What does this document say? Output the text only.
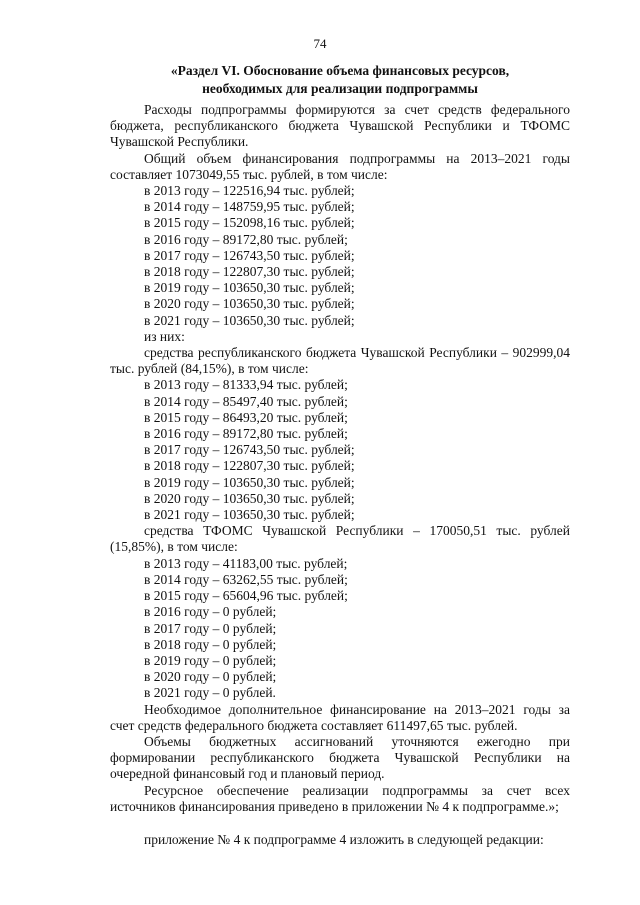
74
«Раздел VI. Обоснование объема финансовых ресурсов,
необходимых для реализации подпрограммы

Расходы подпрограммы формируются за счет средств федерального бюджета, республиканского бюджета Чувашской Республики и ТФОМС Чувашской Республики.

Общий объем финансирования подпрограммы на 2013–2021 годы составляет 1073049,55 тыс. рублей, в том числе:

в 2013 году – 122516,94 тыс. рублей;

в 2014 году – 148759,95 тыс. рублей;

в 2015 году – 152098,16 тыс. рублей;

в 2016 году – 89172,80 тыс. рублей;

в 2017 году – 126743,50 тыс. рублей;

в 2018 году – 122807,30 тыс. рублей;

в 2019 году – 103650,30 тыс. рублей;

в 2020 году – 103650,30 тыс. рублей;

в 2021 году – 103650,30 тыс. рублей;

из них:

средства республиканского бюджета Чувашской Республики – 902999,04 тыс. рублей (84,15%), в том числе:

в 2013 году – 81333,94 тыс. рублей;

в 2014 году – 85497,40 тыс. рублей;

в 2015 году – 86493,20 тыс. рублей;

в 2016 году – 89172,80 тыс. рублей;

в 2017 году – 126743,50 тыс. рублей;

в 2018 году – 122807,30 тыс. рублей;

в 2019 году – 103650,30 тыс. рублей;

в 2020 году – 103650,30 тыс. рублей;

в 2021 году – 103650,30 тыс. рублей;

средства ТФОМС Чувашской Республики – 170050,51 тыс. рублей (15,85%), в том числе:

в 2013 году – 41183,00 тыс. рублей;

в 2014 году – 63262,55 тыс. рублей;

в 2015 году – 65604,96 тыс. рублей;

в 2016 году – 0 рублей;

в 2017 году – 0 рублей;

в 2018 году – 0 рублей;

в 2019 году – 0 рублей;

в 2020 году – 0 рублей;

в 2021 году – 0 рублей.

Необходимое дополнительное финансирование на 2013–2021 годы за счет средств федерального бюджета составляет 611497,65 тыс. рублей.

Объемы бюджетных ассигнований уточняются ежегодно при формировании республиканского бюджета Чувашской Республики на очередной финансовый год и плановый период.

Ресурсное обеспечение реализации подпрограммы за счет всех источников финансирования приведено в приложении № 4 к подпрограмме.»;

приложение № 4 к подпрограмме 4 изложить в следующей редакции:
